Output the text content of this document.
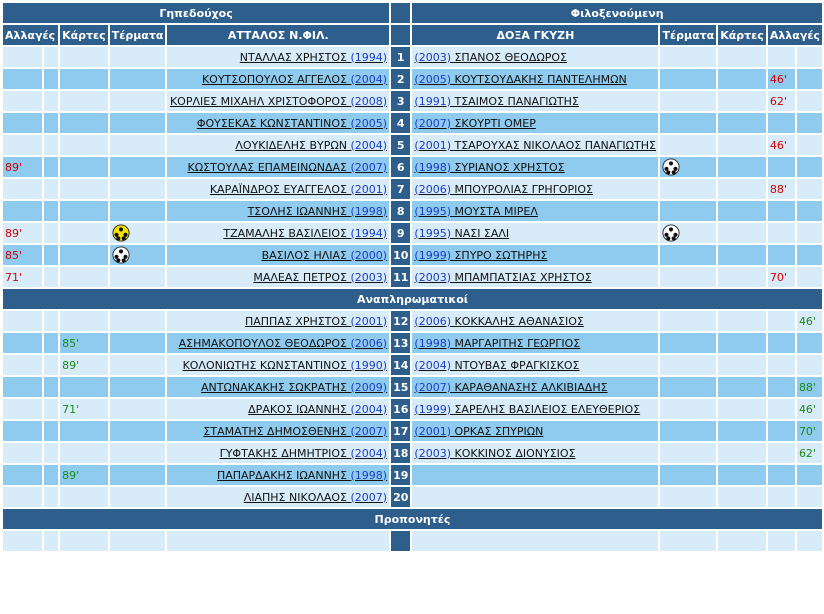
Γηπεδούχος						Φιλοξενούμενη				
Αλλαγές		Κάρτες	Τέρματα	ΑΤΤΑΛΟΣ Ν.ΦΙΛ.		ΔΟΞΑ ΓΚΥΖΗ	Τέρματα	Κάρτες	Αλλαγές	
				ΝΤΑΛΛΑΣ ΧΡΗΣΤΟΣ (1994)	1	(2003) ΣΠΑΝΟΣ ΘΕΟΔΩΡΟΣ				
				ΚΟΥΤΣΟΠΟΥΛΟΣ ΑΓΓΕΛΟΣ (2004)	2	(2005) ΚΟΥΤΣΟΥΔΑΚΗΣ ΠΑΝΤΕΛΗΜΩΝ			46'	
				ΚΟΡΛΙΕΣ ΜΙΧΑΗΛ ΧΡΙΣΤΟΦΟΡΟΣ (2008)	3	(1991) ΤΣΑΙΜΟΣ ΠΑΝΑΓΙΩΤΗΣ			62'	
				ΦΟΥΣΕΚΑΣ ΚΩΝΣΤΑΝΤΙΝΟΣ (2005)	4	(2007) ΣΚΟΥΡΤΙ ΟΜΕΡ				
				ΛΟΥΚΙΔΕΛΗΣ ΒΥΡΩΝ (2004)	5	(2001) ΤΣΑΡΟΥΧΑΣ ΝΙΚΟΛΑΟΣ ΠΑΝΑΓΙΩΤΗΣ			46'	
89'				ΚΩΣΤΟΥΛΑΣ ΕΠΑΜΕΙΝΩΝΔΑΣ (2007)	6	(1998) ΣΥΡΙΑΝΟΣ ΧΡΗΣΤΟΣ				
				ΚΑΡΑΪΝΔΡΟΣ ΕΥΑΓΓΕΛΟΣ (2001)	7	(2006) ΜΠΟΥΡΟΛΙΑΣ ΓΡΗΓΟΡΙΟΣ			88'	
				ΤΣΟΛΗΣ ΙΩΑΝΝΗΣ (1998)	8	(1995) ΜΟΥΣΤΑ ΜΙΡΕΛ				
89'				ΤΖΑΜΑΛΗΣ ΒΑΣΙΛΕΙΟΣ (1994)	9	(1995) ΝΑΣΙ ΣΑΛΙ				
85'				ΒΑΣΙΛΟΣ ΗΛΙΑΣ (2000)	10	(1999) ΣΠΥΡΟ ΣΩΤΗΡΗΣ				
71'				ΜΑΛΕΑΣ ΠΕΤΡΟΣ (2003)	11	(2003) ΜΠΑΜΠΑΤΣΙΑΣ ΧΡΗΣΤΟΣ			70'	
Αναπληρωματικοί										
				ΠΑΠΠΑΣ ΧΡΗΣΤΟΣ (2001)	12	(2006) ΚΟΚΚΑΛΗΣ ΑΘΑΝΑΣΙΟΣ				46'
		85'		ΑΣΗΜΑΚΟΠΟΥΛΟΣ ΘΕΟΔΩΡΟΣ (2006)	13	(1998) ΜΑΡΓΑΡΙΤΗΣ ΓΕΩΡΓΙΟΣ				
		89'		ΚΟΛΟΝΙΩΤΗΣ ΚΩΝΣΤΑΝΤΙΝΟΣ (1990)	14	(2004) ΝΤΟΥΒΑΣ ΦΡΑΓΚΙΣΚΟΣ				
				ΑΝΤΩΝΑΚΑΚΗΣ ΣΩΚΡΑΤΗΣ (2009)	15	(2007) ΚΑΡΑΘΑΝΑΣΗΣ ΑΛΚΙΒΙΑΔΗΣ				88'
		71'		ΔΡΑΚΟΣ ΙΩΑΝΝΗΣ (2004)	16	(1999) ΣΑΡΕΛΗΣ ΒΑΣΙΛΕΙΟΣ ΕΛΕΥΘΕΡΙΟΣ				46'
				ΣΤΑΜΑΤΗΣ ΔΗΜΟΣΘΕΝΗΣ (2007)	17	(2001) ΟΡΚΑΣ ΣΠΥΡΙΩΝ				70'
				ΓΥΦΤΑΚΗΣ ΔΗΜΗΤΡΙΟΣ (2004)	18	(2003) ΚΟΚΚΙΝΟΣ ΔΙΟΝΥΣΙΟΣ				62'
		89'		ΠΑΠΑΡΔΑΚΗΣ ΙΩΑΝΝΗΣ (1998)	19					
				ΛΙΑΠΗΣ ΝΙΚΟΛΑΟΣ (2007)	20					
Προπονητές										
